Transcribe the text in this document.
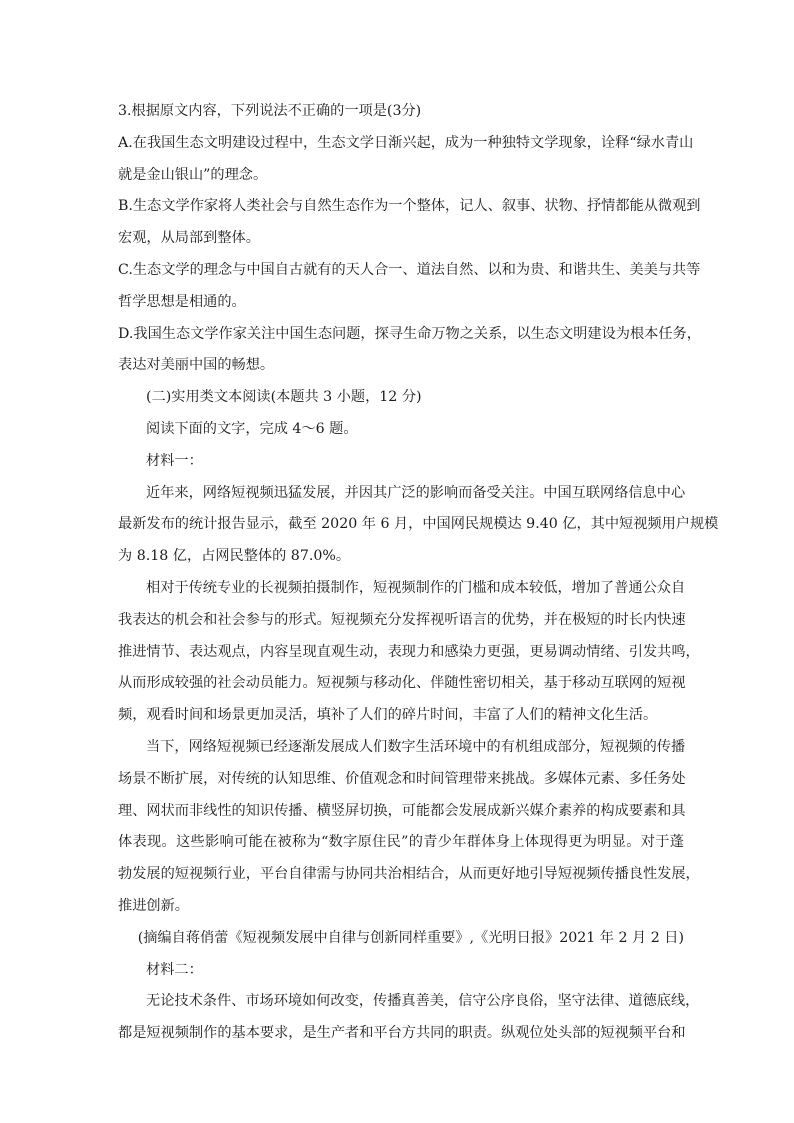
3.根据原文内容，下列说法不正确的一项是(3分)
A.在我国生态文明建设过程中，生态文学日渐兴起，成为一种独特文学现象，诠释“绿水青山
就是金山银山”的理念。
B.生态文学作家将人类社会与自然生态作为一个整体，记人、叙事、状物、抒情都能从微观到
宏观，从局部到整体。
C.生态文学的理念与中国自古就有的天人合一、道法自然、以和为贵、和谐共生、美美与共等
哲学思想是相通的。
D.我国生态文学作家关注中国生态问题，探寻生命万物之关系，以生态文明建设为根本任务，
表达对美丽中国的畅想。
(二)实用类文本阅读(本题共 3 小题，12 分)
阅读下面的文字，完成 4～6 题。
材料一：
近年来，网络短视频迅猛发展，并因其广泛的影响而备受关注。中国互联网络信息中心
最新发布的统计报告显示，截至 2020 年 6 月，中国网民规模达 9.40 亿，其中短视频用户规模
为 8.18 亿，占网民整体的 87.0%。
相对于传统专业的长视频拍摄制作，短视频制作的门槛和成本较低，增加了普通公众自
我表达的机会和社会参与的形式。短视频充分发挥视听语言的优势，并在极短的时长内快速
推进情节、表达观点，内容呈现直观生动，表现力和感染力更强，更易调动情绪、引发共鸣，
从而形成较强的社会动员能力。短视频与移动化、伴随性密切相关，基于移动互联网的短视
频，观看时间和场景更加灵活，填补了人们的碎片时间，丰富了人们的精神文化生活。
当下，网络短视频已经逐渐发展成人们数字生活环境中的有机组成部分，短视频的传播
场景不断扩展，对传统的认知思维、价值观念和时间管理带来挑战。多媒体元素、多任务处
理、网状而非线性的知识传播、横竖屏切换，可能都会发展成新兴媒介素养的构成要素和具
体表现。这些影响可能在被称为“数字原住民”的青少年群体身上体现得更为明显。对于蓬
勃发展的短视频行业，平台自律需与协同共治相结合，从而更好地引导短视频传播良性发展，
推进创新。
(摘编自蒋俏蕾《短视频发展中自律与创新同样重要》,《光明日报》2021 年 2 月 2 日)
材料二：
无论技术条件、市场环境如何改变，传播真善美，信守公序良俗，坚守法律、道德底线，
都是短视频制作的基本要求，是生产者和平台方共同的职责。纵观位处头部的短视频平台和
